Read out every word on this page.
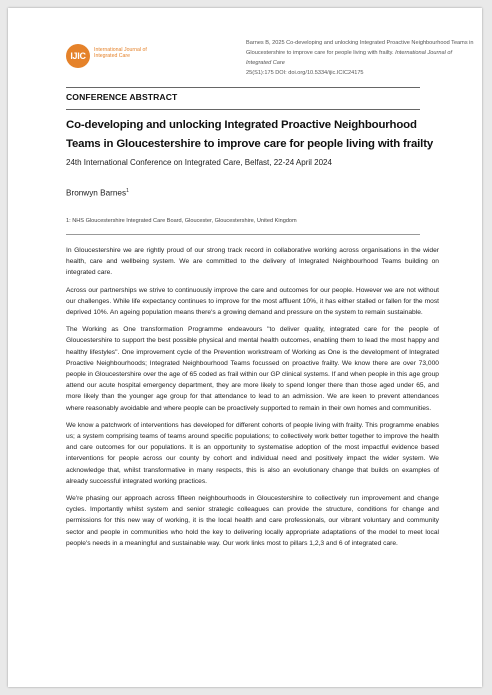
IJIC
International Journal of Integrated Care
Barnes B, 2025 Co-developing and unlocking Integrated Proactive Neighbourhood Teams in
Gloucestershire to improve care for people living with frailty. International Journal of Integrated Care
25(S1):175 DOI: doi.org/10.5334/ijic.ICIC24175
CONFERENCE ABSTRACT
Co-developing and unlocking Integrated Proactive Neighbourhood Teams in Gloucestershire to improve care for people living with frailty
24th International Conference on Integrated Care, Belfast, 22-24 April 2024
Bronwyn Barnes$^1$
1: NHS Gloucestershire Integrated Care Board, Gloucester, Gloucestershire, United Kingdom

In Gloucestershire we are rightly proud of our strong track record in collaborative working across organisations in the wider health, care and wellbeing system. We are committed to the delivery of Integrated Neighbourhood Teams building on integrated care.

Across our partnerships we strive to continuously improve the care and outcomes for our people. However we are not without our challenges. While life expectancy continues to improve for the most affluent 10%, it has either stalled or fallen for the most deprived 10%. An ageing population means there's a growing demand and pressure on the system to remain sustainable.

The Working as One transformation Programme endeavours "to deliver quality, integrated care for the people of Gloucestershire to support the best possible physical and mental health outcomes, enabling them to lead the most happy and healthy lifestyles". One improvement cycle of the Prevention workstream of Working as One is the development of Integrated Proactive Neighbourhoods; Integrated Neighbourhood Teams focussed on proactive frailty. We know there are over 73,000 people in Gloucestershire over the age of 65 coded as frail within our GP clinical systems. If and when people in this age group attend our acute hospital emergency department, they are more likely to spend longer there than those aged under 65, and more likely than the younger age group for that attendance to lead to an admission. We are keen to prevent attendances where reasonably avoidable and where people can be proactively supported to remain in their own homes and communities.

We know a patchwork of interventions has developed for different cohorts of people living with frailty. This programme enables us; a system comprising teams of teams around specific populations; to collectively work better together to improve the health and care outcomes for our populations. It is an opportunity to systematise adoption of the most impactful evidence based interventions for people across our county by cohort and individual need and positively impact the wider system. We acknowledge that, whilst transformative in many respects, this is also an evolutionary change that builds on examples of already successful integrated working practices.

We're phasing our approach across fifteen neighbourhoods in Gloucestershire to collectively run improvement and change cycles. Importantly whilst system and senior strategic colleagues can provide the structure, conditions for change and permissions for this new way of working, it is the local health and care professionals, our vibrant voluntary and community sector and people in communities who hold the key to delivering locally appropriate adaptations of the model to meet local people's needs in a meaningful and sustainable way. Our work links most to pillars 1,2,3 and 6 of integrated care.
